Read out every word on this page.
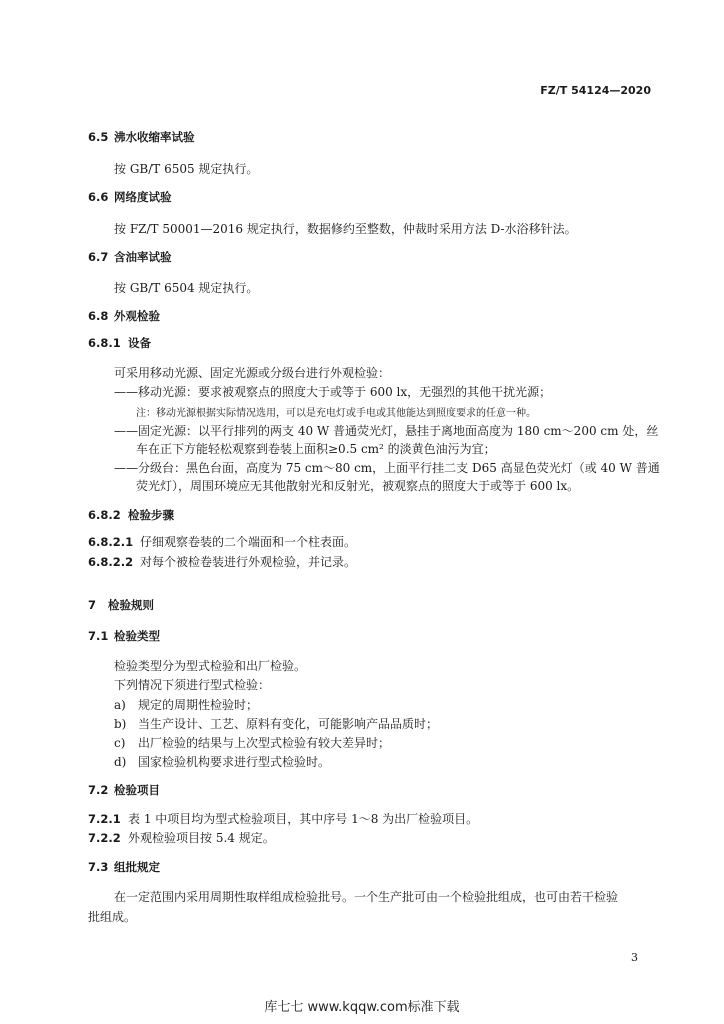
FZ/T 54124—2020
6.5 沸水收缩率试验
按 GB/T 6505 规定执行。
6.6 网络度试验
按 FZ/T 50001—2016 规定执行，数据修约至整数，仲裁时采用方法 D-水浴移针法。
6.7 含油率试验
按 GB/T 6504 规定执行。
6.8 外观检验
6.8.1 设备
可采用移动光源、固定光源或分级台进行外观检验：
——移动光源：要求被观察点的照度大于或等于 600 lx，无强烈的其他干扰光源；
注：移动光源根据实际情况选用，可以是充电灯或手电或其他能达到照度要求的任意一种。
——固定光源：以平行排列的两支 40 W 普通荧光灯，悬挂于离地面高度为 180 cm～200 cm 处，丝
车在正下方能轻松观察到卷装上面积≥0.5 cm² 的淡黄色油污为宜；
——分级台：黑色台面，高度为 75 cm～80 cm，上面平行挂二支 D65 高显色荧光灯（或 40 W 普通
荧光灯），周围环境应无其他散射光和反射光，被观察点的照度大于或等于 600 lx。
6.8.2 检验步骤
6.8.2.1 仔细观察卷装的二个端面和一个柱表面。
6.8.2.2 对每个被检卷装进行外观检验，并记录。
7 检验规则
7.1 检验类型
检验类型分为型式检验和出厂检验。
下列情况下须进行型式检验：
a) 规定的周期性检验时；
b) 当生产设计、工艺、原料有变化，可能影响产品品质时；
c) 出厂检验的结果与上次型式检验有较大差异时；
d) 国家检验机构要求进行型式检验时。
7.2 检验项目
7.2.1 表 1 中项目均为型式检验项目，其中序号 1～8 为出厂检验项目。
7.2.2 外观检验项目按 5.4 规定。
7.3 组批规定
在一定范围内采用周期性取样组成检验批号。一个生产批可由一个检验批组成，也可由若干检验
批组成。
3
库七七 www.kqqw.com标准下载
